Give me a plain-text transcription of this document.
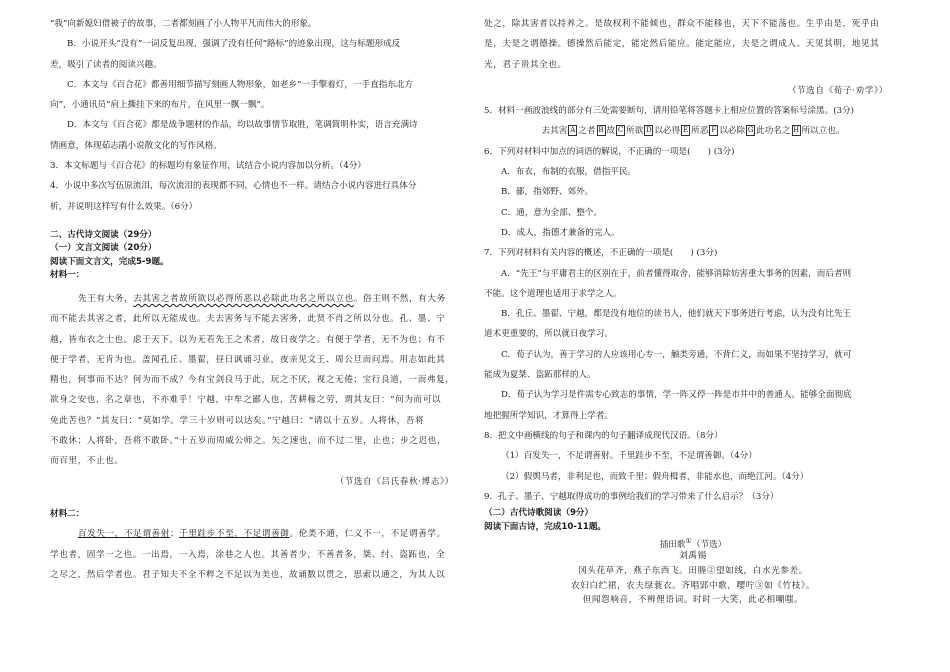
“我”向新媳妇借被子的故事，二者都刻画了小人物平凡而伟大的形象。

B．小说开头“没有”一词反复出现，强调了没有任何“路标”的迹象出现，这与标题形成反

差，吸引了读者的阅读兴趣。

C．本文与《百合花》都善用细节描写刻画人物形象，如老乡“一手擎着灯，一手直指东北方

向”，小通讯员“肩上撕挂下来的布片，在风里一飘一飘”。

D．本文与《百合花》都是战争题材的作品，均以故事情节取胜，笔调简明朴实，语言充满诗

情画意，体现茹志鹃小说散文化的写作风格。

3．本文标题与《百合花》的标题均有象征作用，试结合小说内容加以分析。（4分）

4．小说中多次写伍原流泪，每次流泪的表现都不同，心情也不一样。请结合小说内容进行具体分

析，并说明这样写有什么效果。（6分）

二、古代诗文阅读（29分）

（一）文言文阅读（20分）

阅读下面文言文，完成5-9题。

材料一：

先王有大务，去其害之者故所欲以必得所恶以必除此功名之所以立也。俗主则不然，有大务

而不能去其害之者，此所以无能成也。夫去害务与不能去害务，此贤不肖之所以分也。孔、墨、宁

越，皆布衣之士也。虑于天下，以为无若先王之术者，故日夜学之。有便于学者，无不为也；有不

便于学者，无肯为也。盖闻孔丘、墨翟，昼日讽诵习业，夜亲见文王、周公旦而问焉。用志如此其

精也，何事而不达？何为而不成？今有宝剑良马于此，玩之不厌，视之无倦；宝行良道，一而弗复，

欲身之安也，名之章也，不亦难乎！宁越，中牟之鄙人也，苦耕稼之劳，谓其友曰：“何为而可以

免此苦也？”其友曰：“莫如学。学三十岁则可以达矣。”宁越曰：“请以十五岁。人将休，吾将

不敢休；人将卧，吾将不敢卧。”十五岁而周威公师之。矢之速也，而不过二里，止也；步之迟也，

而百里，不止也。

（节选自《吕氏春秋·博志》）

材料二：

百发失一，不足谓善射；千里跬步不至，不足谓善御。伦类不通，仁义不一，不足谓善学。

学也者，固学一之也。一出焉，一入焉，涂巷之人也。其善者少，不善者多，桀、纣、盗跖也，全

之尽之，然后学者也。君子知夫不全不粹之不足以为美也，故诵数以贯之，思索以通之，为其人以

处之，除其害者以持养之。是故权利不能倾也，群众不能移也，天下不能荡也。生乎由是，死乎由

是，夫是之谓德操。德操然后能定，能定然后能应。能定能应，夫是之谓成人。天见其明，地见其

光，君子贵其全也。

（节选自《荀子·劝学》）

5．材料一画波浪线的部分有三处需要断句，请用铅笔将答题卡上相应位置的答案标号涂黑。(3分)

去其害 A 之者 B 故 C 所欲 D 以必得 E 所恶 F 以必除 G 此功名之 H 所以立也。

6．下列对材料中加点的词语的解说，不正确的一项是(　　) (3分)

A．布衣，布制的衣服，借指平民。

B．鄙，指郊野、郊外。

C．通，意为全部、整个。

D．成人，指德才兼备的完人。

7．下列对材料有关内容的概述，不正确的一项是(　　) (3分)

A．“先王”与平庸君主的区别在于，前者懂得取舍，能够消除妨害重大事务的因素，而后者则

不能。这个道理也适用于求学之人。

B．孔丘、墨翟、宁越，都是没有地位的读书人，他们就天下事务进行考虑，认为没有比先王

道术更重要的，所以就日夜学习。

C．荀子认为，善于学习的人应该用心专一，触类旁通，不背仁义，而如果不坚持学习，就可

能成为夏桀、盗跖那样的人。

D．荀子认为学习是件需专心致志的事情，学一阵又停一阵是市井中的普通人。能够全面彻底

地把握所学知识，才算得上学者。

8．把文中画横线的句子和课内的句子翻译成现代汉语。（8分）

（1）百发失一，不足谓善射。千里跬步不至，不足谓善御。（4分）

（2）假舆马者，非利足也，而致千里；假舟楫者，非能水也，而绝江河。（4分）

9．孔子、墨子、宁越取得成功的事例给我们的学习带来了什么启示？（3分）

（二）古代诗歌阅读（9分）

阅读下面古诗，完成10-11题。

插田歌①（节选）

刘禹锡

冈头花草齐，燕子东西飞。田塍②望如线，白水光参差。

农妇白纻裙，农夫绿蓑衣。齐唱郢中歌，嘤咛③如《竹枝》。

但闻怨响音，不辨俚语词。时时一大笑，此必相嘲嗤。
